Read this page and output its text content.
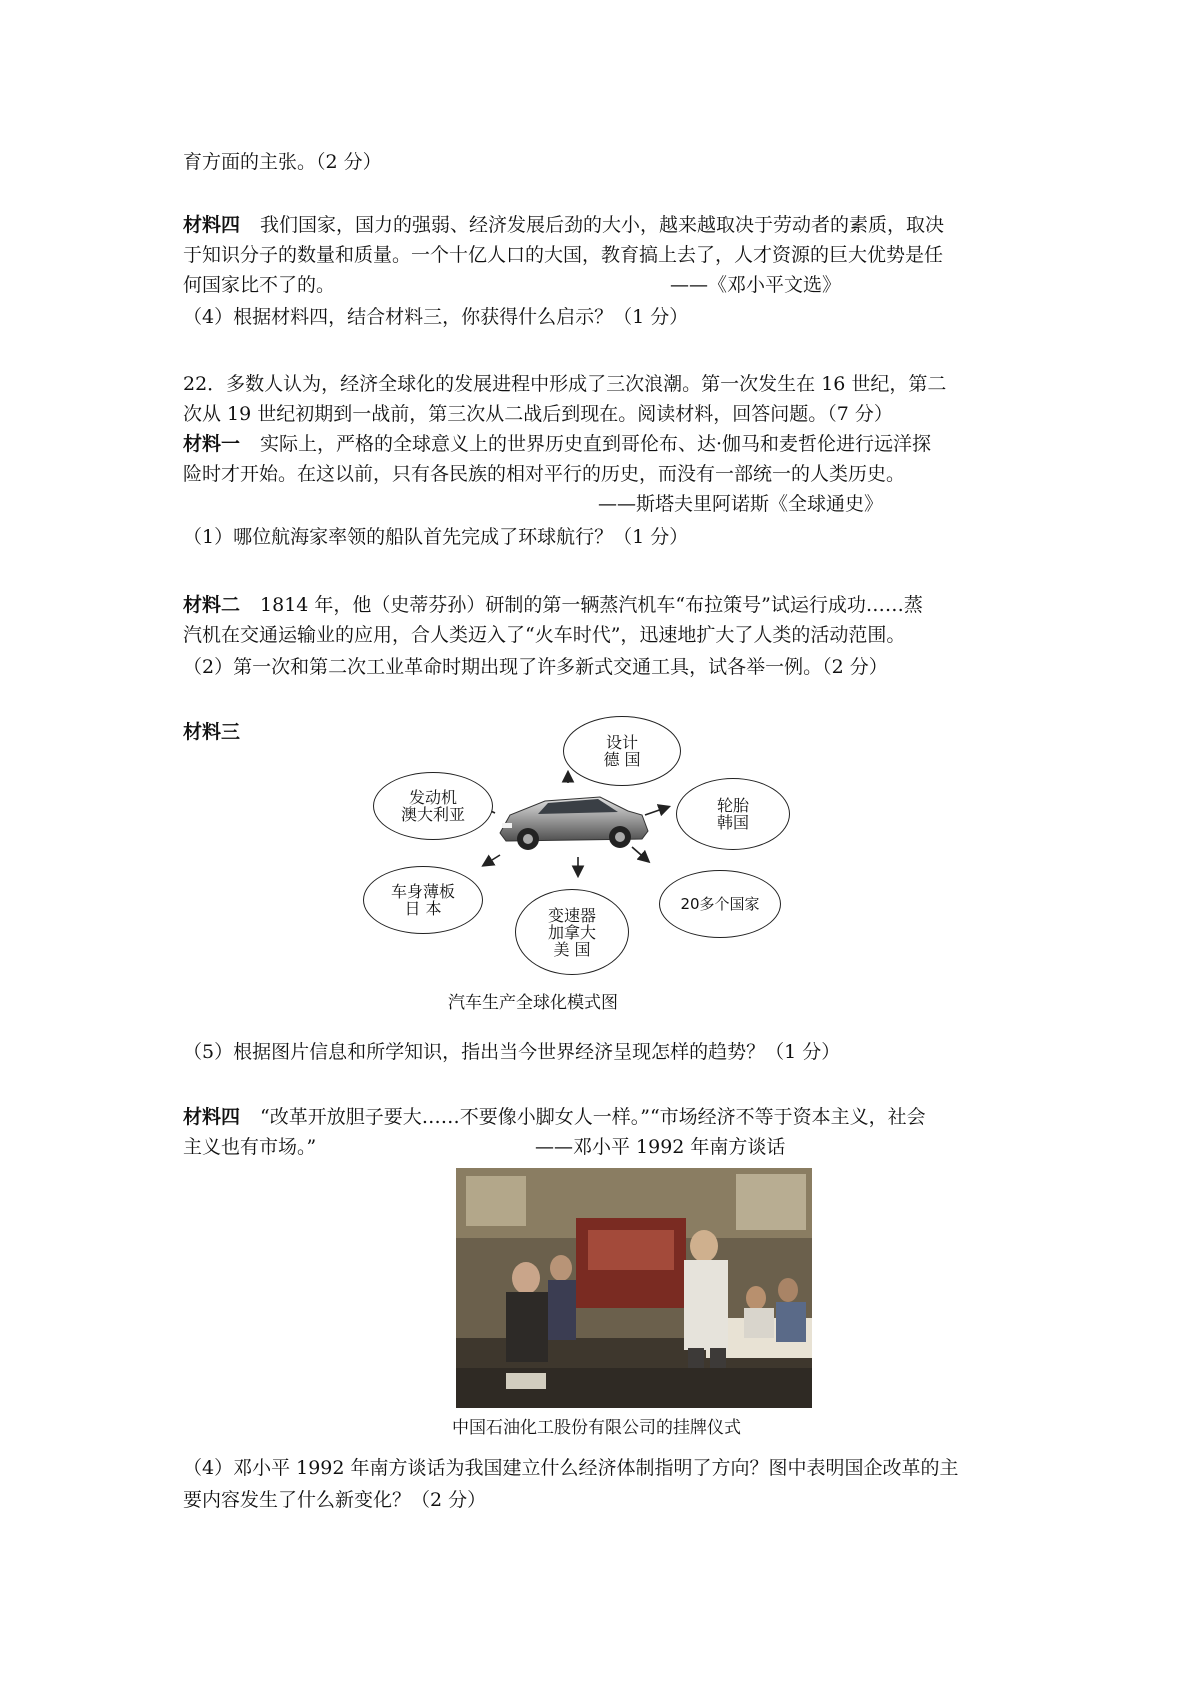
育方面的主张。（2 分）
材料四 我们国家，国力的强弱、经济发展后劲的大小，越来越取决于劳动者的素质，取决
于知识分子的数量和质量。一个十亿人口的大国，教育搞上去了，人才资源的巨大优势是任
何国家比不了的。	——《邓小平文选》
（4）根据材料四，结合材料三，你获得什么启示？（1 分）
22．多数人认为，经济全球化的发展进程中形成了三次浪潮。第一次发生在 16 世纪，第二
次从 19 世纪初期到一战前，第三次从二战后到现在。阅读材料，回答问题。（7 分）
材料一 实际上，严格的全球意义上的世界历史直到哥伦布、达·伽马和麦哲伦进行远洋探
险时才开始。在这以前，只有各民族的相对平行的历史，而没有一部统一的人类历史。
——斯塔夫里阿诺斯《全球通史》
（1）哪位航海家率领的船队首先完成了环球航行？（1 分）
材料二 1814 年，他（史蒂芬孙）研制的第一辆蒸汽机车“布拉策号”试运行成功……蒸
汽机在交通运输业的应用，合人类迈入了“火车时代”，迅速地扩大了人类的活动范围。
（2）第一次和第二次工业革命时期出现了许多新式交通工具，试各举一例。（2 分）
材料三	设计
德 国
发动机
澳大利亚	轮胎
韩国
车身薄板
日 本	变速器
加拿大
美 国
20多个国家
汽车生产全球化模式图
（5）根据图片信息和所学知识，指出当今世界经济呈现怎样的趋势？（1 分）
材料四 “改革开放胆子要大……不要像小脚女人一样。”“市场经济不等于资本主义，社会
主义也有市场。”	——邓小平 1992 年南方谈话
中国石油化工股份有限公司的挂牌仪式
（4）邓小平 1992 年南方谈话为我国建立什么经济体制指明了方向？图中表明国企改革的主
要内容发生了什么新变化？（2 分）
